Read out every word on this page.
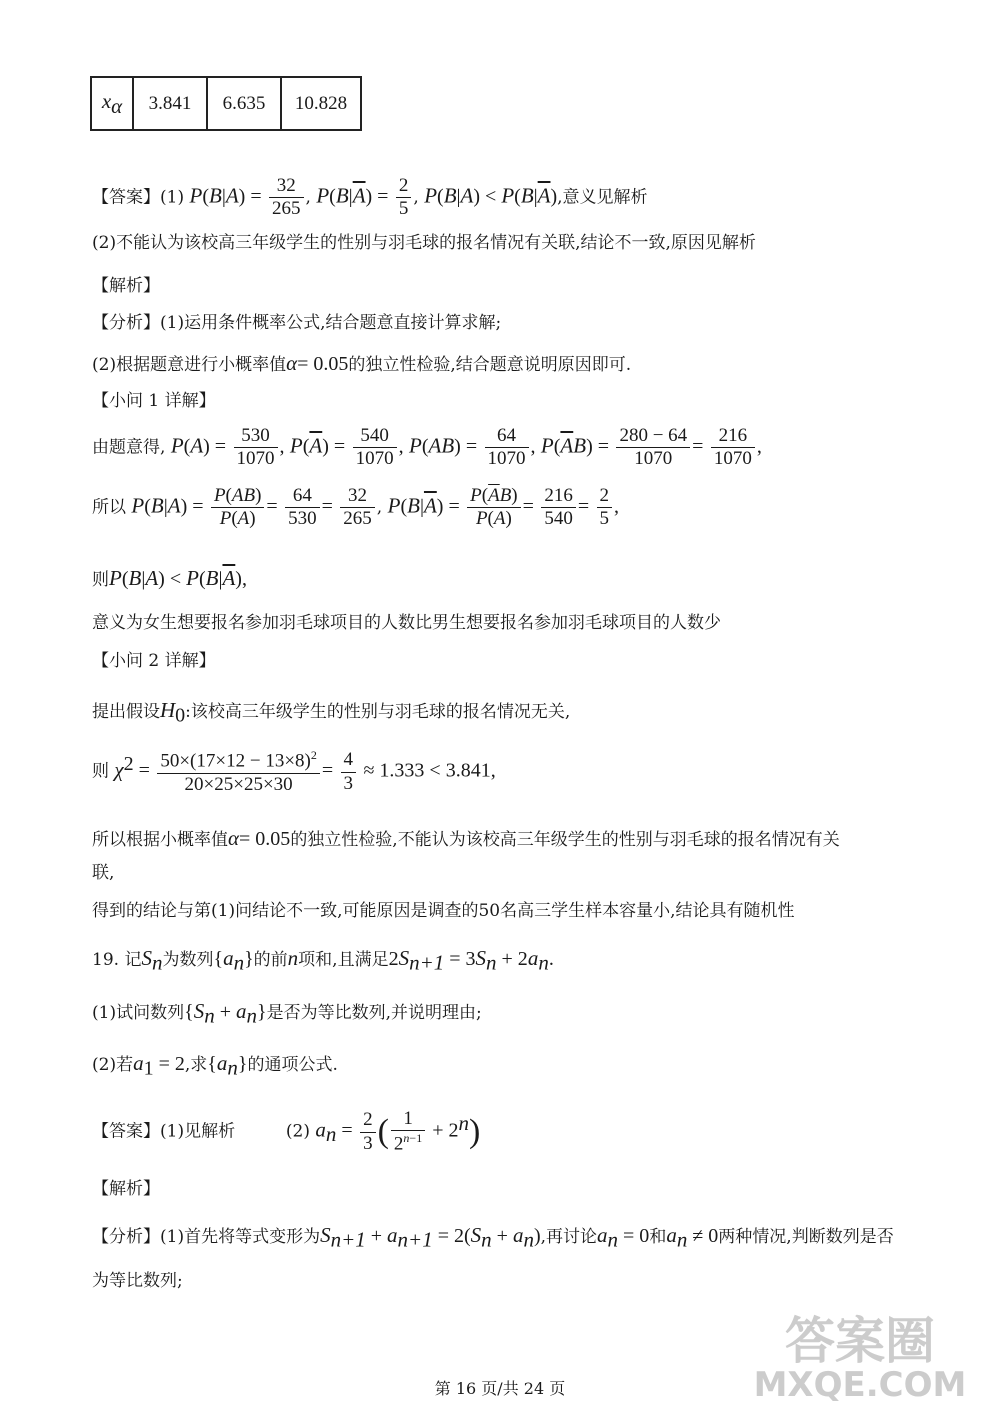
$x_\alpha$	3.841	6.635	10.828
【答案】(1) $P(B|A) = \frac{32}{265}$ , $P(B|\overline{A}) = \frac{2}{5}$ , $P(B|A) < P(B|\overline{A})$,意义见解析
(2)不能认为该校高三年级学生的性别与羽毛球的报名情况有关联,结论不一致,原因见解析
【解析】
【分析】(1)运用条件概率公式,结合题意直接计算求解;
(2)根据题意进行小概率值α= 0.05的独立性检验,结合题意说明原因即可.
【小问 1 详解】
由题意得, $P(A) = \frac{530}{1070}$ , $P(\overline{A}) = \frac{540}{1070}$ , $P(AB) = \frac{64}{1070}$ , $P(\overline{A}B) = \frac{280 - 64}{1070} = \frac{216}{1070}$ ,
所以 $P(B|A) = \frac{P(AB)}{P(A)} = \frac{64}{530} = \frac{32}{265}$ , $P(B|\overline{A}) = \frac{P(\overline{A}B)}{P(\overline{A})} = \frac{216}{540} = \frac{2}{5}$ ,
则$P(B|A) < P(B|\overline{A})$,
意义为女生想要报名参加羽毛球项目的人数比男生想要报名参加羽毛球项目的人数少
【小问 2 详解】
提出假设$H_0$:该校高三年级学生的性别与羽毛球的报名情况无关,
则 $\chi^2 = \frac{50\times(17\times 12 - 13\times 8)^2}{20\times 25\times 25\times 30} = \frac{4}{3} \approx 1.333 < 3.841$,
所以根据小概率值α= 0.05的独立性检验,不能认为该校高三年级学生的性别与羽毛球的报名情况有关
联,
得到的结论与第(1)问结论不一致,可能原因是调查的50名高三学生样本容量小,结论具有随机性
19. 记$S_n$为数列$\{a_n\}$的前n项和,且满足$2S_{n+1} = 3S_n + 2a_n$.
(1)试问数列$\{S_n + a_n\}$是否为等比数列,并说明理由;
(2)若$a_1 = 2$,求$\{a_n\}$的通项公式.
【答案】(1)见解析	(2) $a_n = \frac{2}{3}$ ( $\frac{1}{2^{n-1}} + 2^n$)
【解析】
【分析】(1)首先将等式变形为$S_{n+1} + a_{n+1} = 2(S_n + a_n)$,再讨论$a_n = 0$和$a_n \ne 0$两种情况,判断数列是否
为等比数列;
第 16 页/共 24 页
答案圈
MXQE.COM
